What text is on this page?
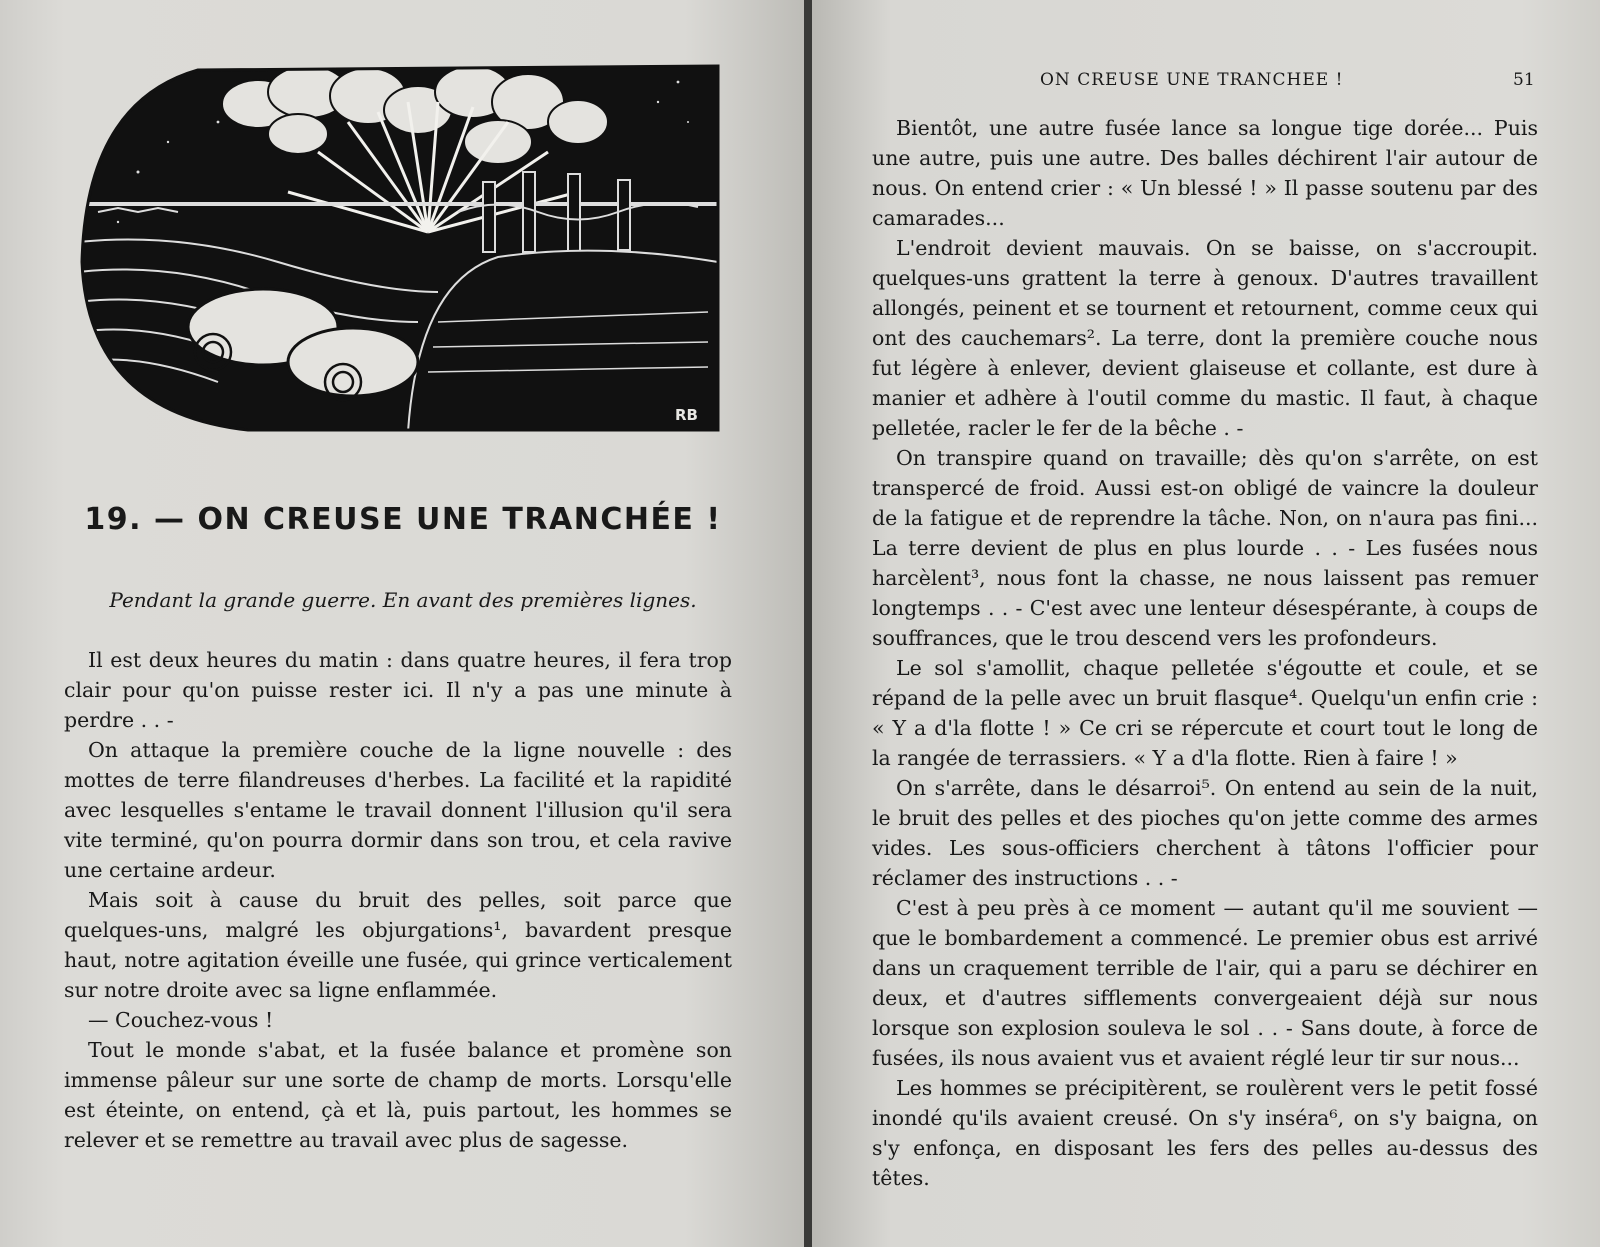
RB
19. — ON CREUSE UNE TRANCHÉE !

Pendant la grande guerre. En avant des premières lignes.

Il est deux heures du matin : dans quatre heures, il fera trop clair pour qu'on puisse rester ici. Il n'y a pas une minute à perdre . . -

On attaque la première couche de la ligne nouvelle : des mottes de terre filandreuses d'herbes. La facilité et la rapidité avec lesquelles s'entame le travail donnent l'illusion qu'il sera vite terminé, qu'on pourra dormir dans son trou, et cela ravive une certaine ardeur.

Mais soit à cause du bruit des pelles, soit parce que quelques-uns, malgré les objurgations¹, bavardent presque haut, notre agitation éveille une fusée, qui grince verticalement sur notre droite avec sa ligne enflammée.

— Couchez-vous !

Tout le monde s'abat, et la fusée balance et promène son immense pâleur sur une sorte de champ de morts. Lorsqu'elle est éteinte, on entend, çà et là, puis partout, les hommes se relever et se remettre au travail avec plus de sagesse.

ON CREUSE UNE TRANCHEE !	51

Bientôt, une autre fusée lance sa longue tige dorée... Puis une autre, puis une autre. Des balles déchirent l'air autour de nous. On entend crier : « Un blessé ! » Il passe soutenu par des camarades...

L'endroit devient mauvais. On se baisse, on s'accroupit. quelques-uns grattent la terre à genoux. D'autres travaillent allongés, peinent et se tournent et retournent, comme ceux qui ont des cauchemars². La terre, dont la première couche nous fut légère à enlever, devient glaiseuse et collante, est dure à manier et adhère à l'outil comme du mastic. Il faut, à chaque pelletée, racler le fer de la bêche . -

On transpire quand on travaille; dès qu'on s'arrête, on est transpercé de froid. Aussi est-on obligé de vaincre la douleur de la fatigue et de reprendre la tâche. Non, on n'aura pas fini... La terre devient de plus en plus lourde . . - Les fusées nous harcèlent³, nous font la chasse, ne nous laissent pas remuer longtemps . . - C'est avec une lenteur désespérante, à coups de souffrances, que le trou descend vers les profondeurs.

Le sol s'amollit, chaque pelletée s'égoutte et coule, et se répand de la pelle avec un bruit flasque⁴. Quelqu'un enfin crie : « Y a d'la flotte ! » Ce cri se répercute et court tout le long de la rangée de terrassiers. « Y a d'la flotte. Rien à faire ! »

On s'arrête, dans le désarroi⁵. On entend au sein de la nuit, le bruit des pelles et des pioches qu'on jette comme des armes vides. Les sous-officiers cherchent à tâtons l'officier pour réclamer des instructions . . -

C'est à peu près à ce moment — autant qu'il me souvient — que le bombardement a commencé. Le premier obus est arrivé dans un craquement terrible de l'air, qui a paru se déchirer en deux, et d'autres sifflements convergeaient déjà sur nous lorsque son explosion souleva le sol . . - Sans doute, à force de fusées, ils nous avaient vus et avaient réglé leur tir sur nous...

Les hommes se précipitèrent, se roulèrent vers le petit fossé inondé qu'ils avaient creusé. On s'y inséra⁶, on s'y baigna, on s'y enfonça, en disposant les fers des pelles au-dessus des têtes.
